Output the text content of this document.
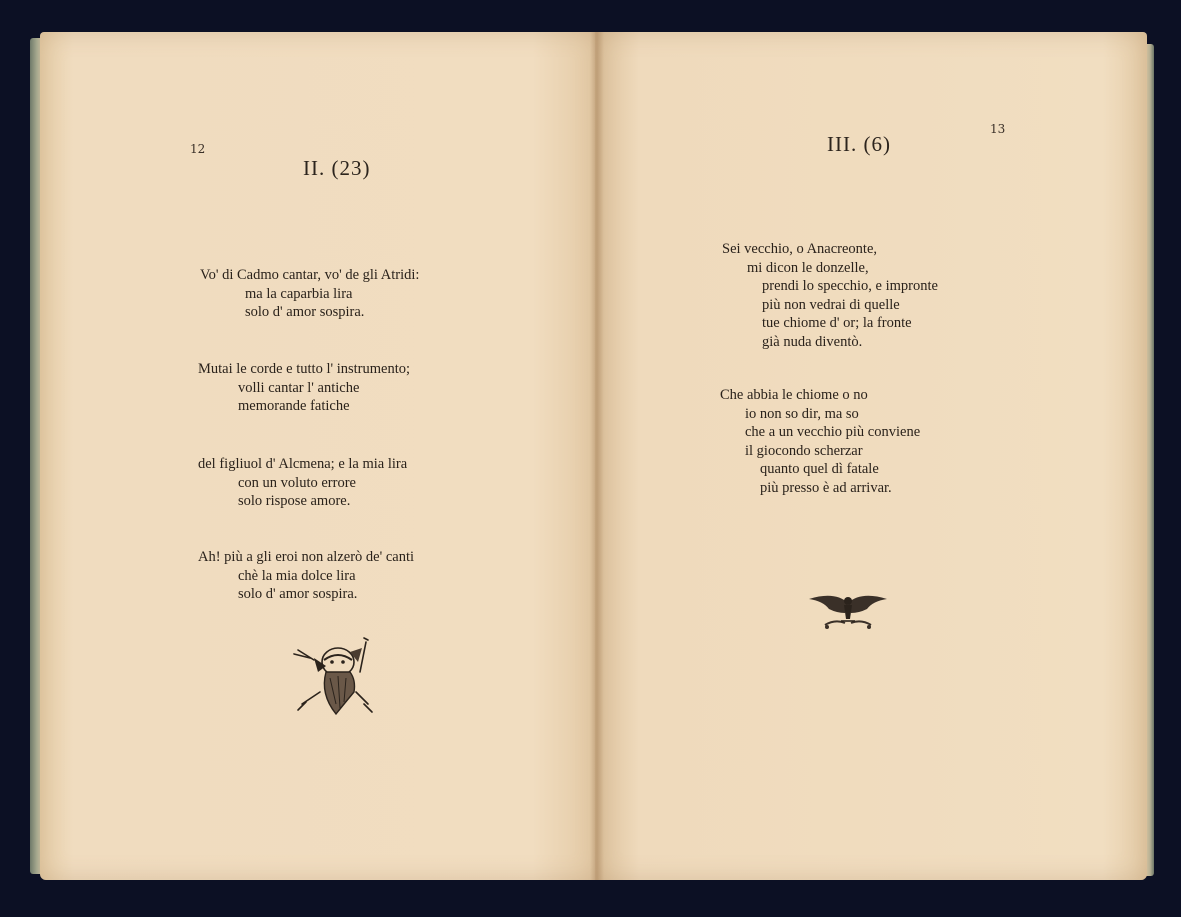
12
II. (23)
Vo' di Cadmo cantar, vo' de gli Atridi:
ma la caparbia lira
solo d' amor sospira.
Mutai le corde e tutto l' instrumento;
volli cantar l' antiche
memorande fatiche
del figliuol d' Alcmena; e la mia lira
con un voluto errore
solo rispose amore.
Ah! più a gli eroi non alzerò de' canti
chè la mia dolce lira
solo d' amor sospira.
13
III. (6)
Sei vecchio, o Anacreonte,
mi dicon le donzelle,
prendi lo specchio, e impronte
più non vedrai di quelle
tue chiome d' or; la fronte
già nuda diventò.
Che abbia le chiome o no
io non so dir, ma so
che a un vecchio più conviene
il giocondo scherzar
quanto quel dì fatale
più presso è ad arrivar.
